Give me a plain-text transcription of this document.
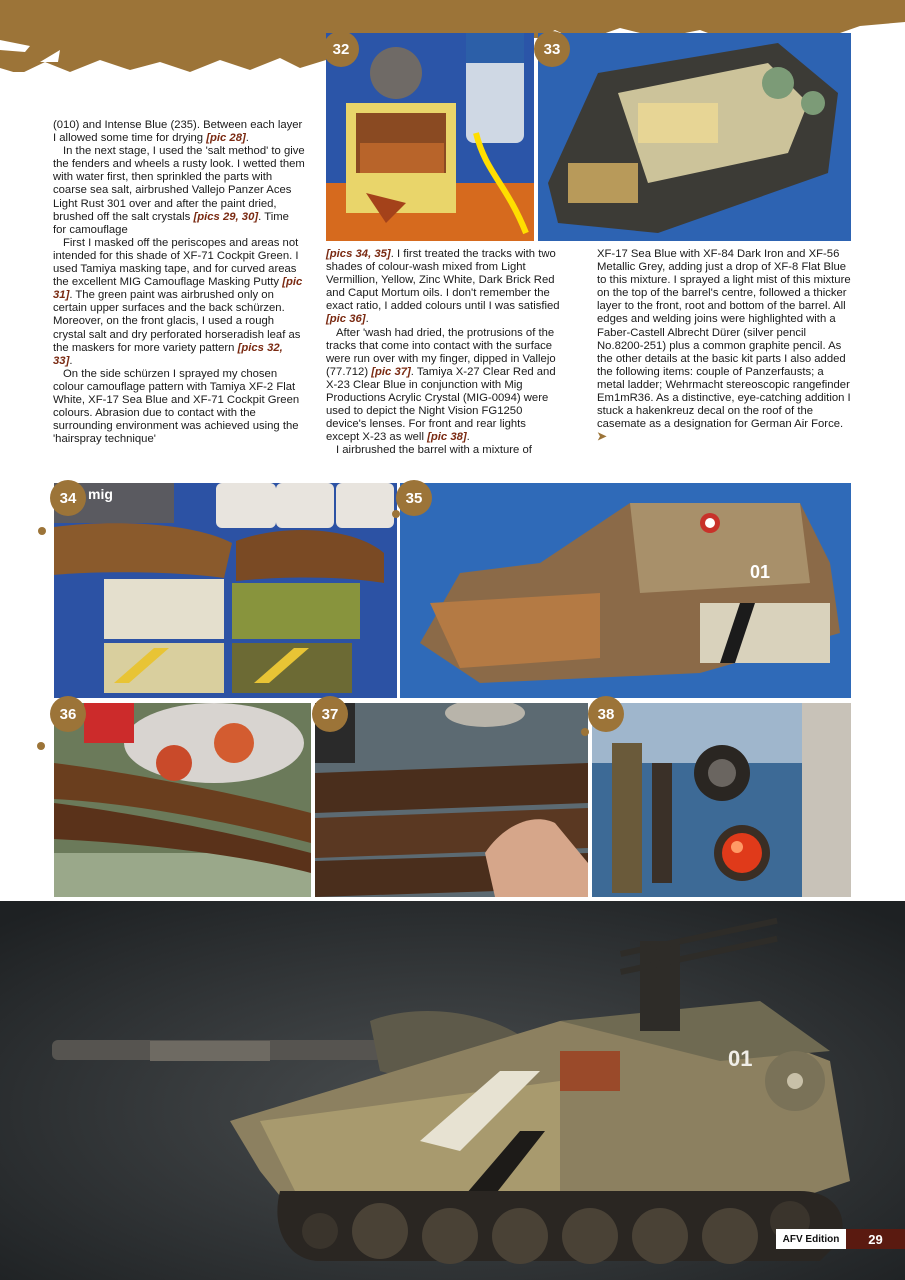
(010) and Intense Blue (235). Between each layer I allowed some time for drying [pic 28].

In the next stage, I used the 'salt method' to give the fenders and wheels a rusty look. I wetted them with water first, then sprinkled the parts with coarse sea salt, airbrushed Vallejo Panzer Aces Light Rust 301 over and after the paint dried, brushed off the salt crystals [pics 29, 30]. Time for camouflage

First I masked off the periscopes and areas not intended for this shade of XF-71 Cockpit Green. I used Tamiya masking tape, and for curved areas the excellent MIG Camouflage Masking Putty [pic 31]. The green paint was airbrushed only on certain upper surfaces and the back schürzen. Moreover, on the front glacis, I used a rough crystal salt and dry perforated horseradish leaf as the maskers for more variety pattern [pics 32, 33].

On the side schürzen I sprayed my chosen colour camouflage pattern with Tamiya XF-2 Flat White, XF-17 Sea Blue and XF-71 Cockpit Green colours. Abrasion due to contact with the surrounding environment was achieved using the 'hairspray technique'

[pics 34, 35]. I first treated the tracks with two shades of colour-wash mixed from Light Vermillion, Yellow, Zinc White, Dark Brick Red and Caput Mortum oils. I don't remember the exact ratio, I added colours until I was satisfied [pic 36].

After 'wash had dried, the protrusions of the tracks that come into contact with the surface were run over with my finger, dipped in Vallejo (77.712) [pic 37]. Tamiya X-27 Clear Red and X-23 Clear Blue in conjunction with Mig Productions Acrylic Crystal (MIG-0094) were used to depict the Night Vision FG1250 device's lenses. For front and rear lights except X-23 as well [pic 38].

I airbrushed the barrel with a mixture of

XF-17 Sea Blue with XF-84 Dark Iron and XF-56 Metallic Grey, adding just a drop of XF-8 Flat Blue to this mixture. I sprayed a light mist of this mixture on the top of the barrel's centre, followed a thicker layer to the front, root and bottom of the barrel. All edges and welding joins were highlighted with a Faber-Castell Albrecht Dürer (silver pencil No.8200-251) plus a common graphite pencil. As the other details at the basic kit parts I also added the following items: couple of Panzerfausts; a metal ladder; Wehrmacht stereoscopic rangefinder Em1mR36. As a distinctive, eye-catching addition I stuck a hakenkreuz decal on the roof of the casemate as a designation for German Air Force. ➤

32	33
mig
34
01
35
36	37	38
01
AFV Edition	29
